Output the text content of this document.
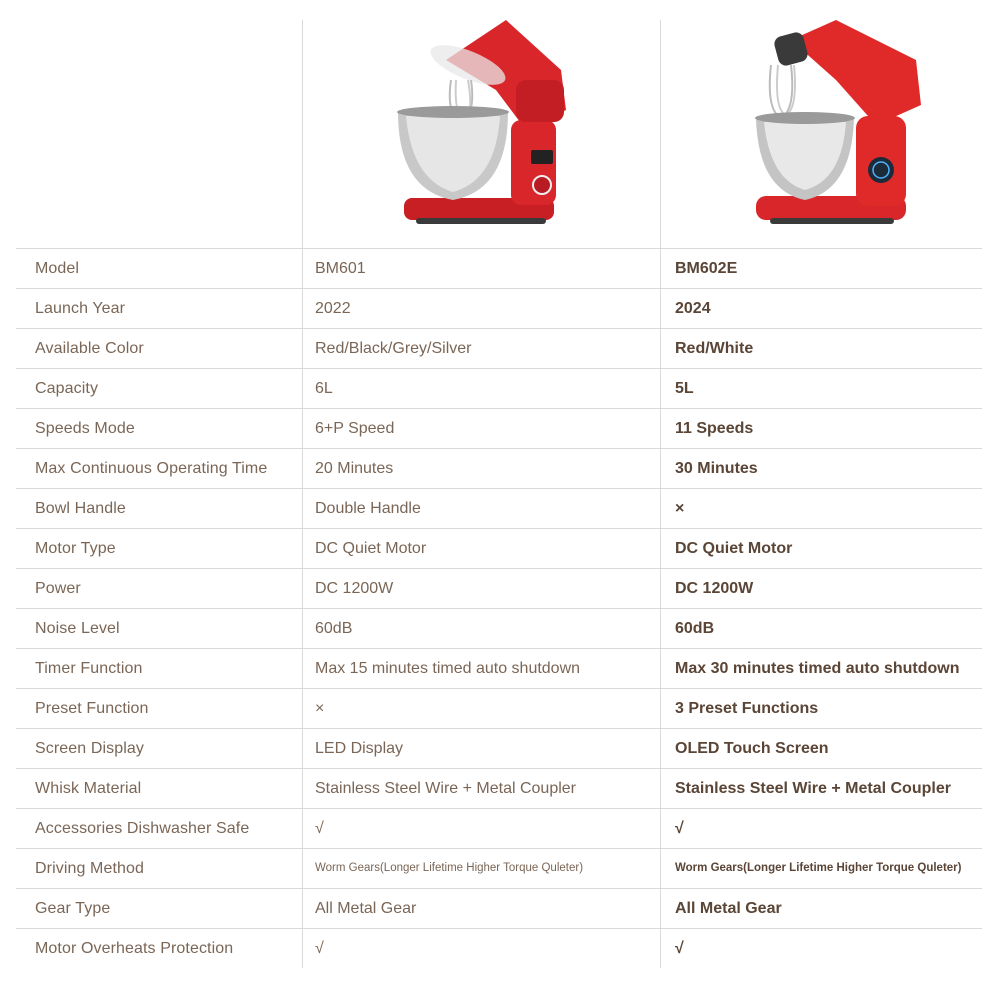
Model	BM601	BM602E
Launch Year	2022	2024
Available Color	Red/Black/Grey/Silver	Red/White
Capacity	6L	5L
Speeds Mode	6+P Speed	11 Speeds
Max Continuous Operating Time	20 Minutes	30 Minutes
Bowl Handle	Double Handle	×
Motor Type	DC Quiet Motor	DC Quiet Motor
Power	DC 1200W	DC 1200W
Noise Level	60dB	60dB
Timer Function	Max 15 minutes timed auto shutdown	Max 30 minutes timed auto shutdown
Preset Function	×	3 Preset Functions
Screen Display	LED Display	OLED Touch Screen
Whisk Material	Stainless Steel Wire + Metal Coupler	Stainless Steel Wire + Metal Coupler
Accessories Dishwasher Safe	√	√
Driving Method	Worm Gears(Longer Lifetime Higher Torque Quleter)	Worm Gears(Longer Lifetime Higher Torque Quleter)
Gear Type	All Metal Gear	All Metal Gear
Motor Overheats Protection	√	√
